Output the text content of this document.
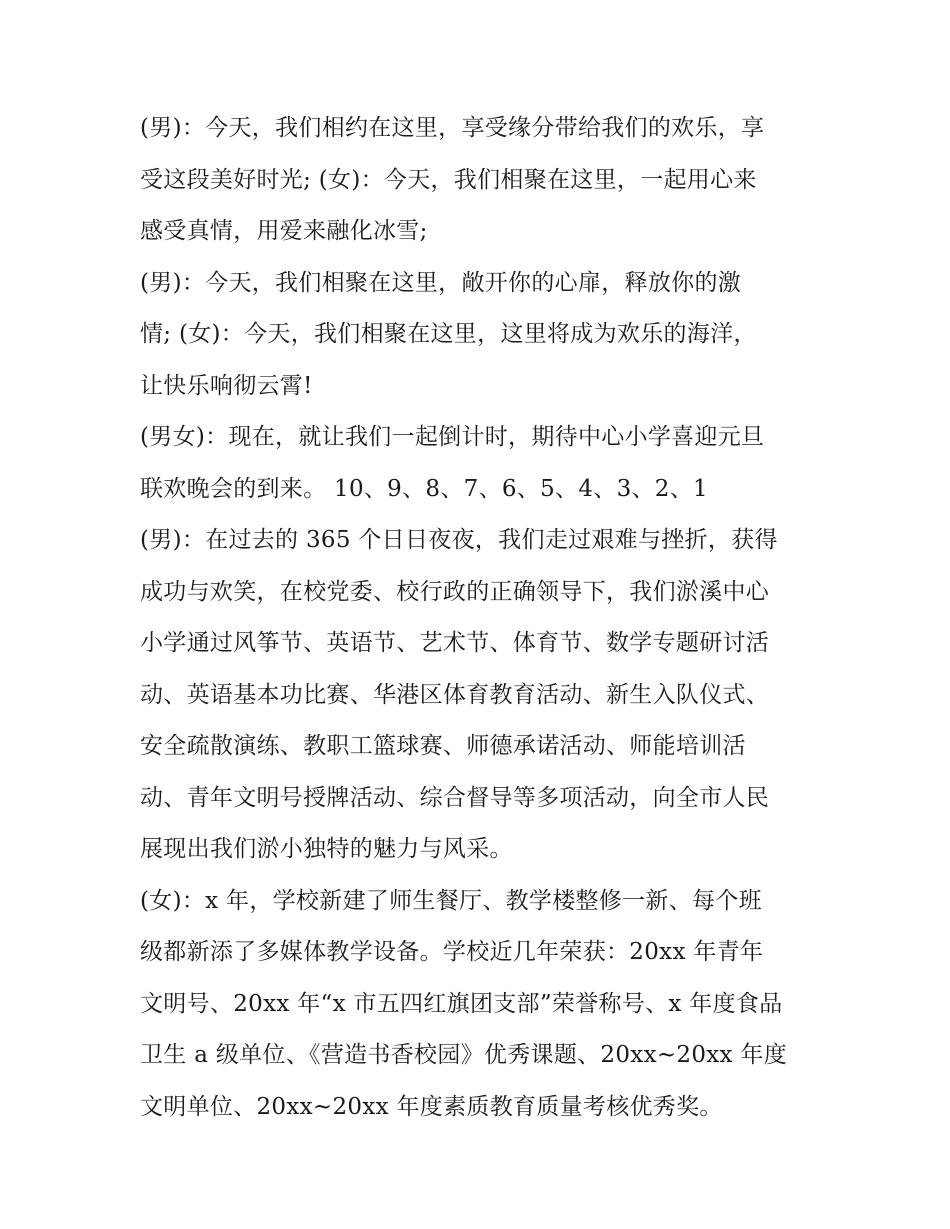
(男)：今天，我们相约在这里，享受缘分带给我们的欢乐，享
受这段美好时光; (女)：今天，我们相聚在这里，一起用心来
感受真情，用爱来融化冰雪;
(男)：今天，我们相聚在这里，敞开你的心扉，释放你的激
情; (女)：今天，我们相聚在这里，这里将成为欢乐的海洋，
让快乐响彻云霄!
(男女)：现在，就让我们一起倒计时，期待中心小学喜迎元旦
联欢晚会的到来。 10、9、8、7、6、5、4、3、2、1
(男)：在过去的 365 个日日夜夜，我们走过艰难与挫折，获得
成功与欢笑，在校党委、校行政的正确领导下，我们淤溪中心
小学通过风筝节、英语节、艺术节、体育节、数学专题研讨活
动、英语基本功比赛、华港区体育教育活动、新生入队仪式、
安全疏散演练、教职工篮球赛、师德承诺活动、师能培训活
动、青年文明号授牌活动、综合督导等多项活动，向全市人民
展现出我们淤小独特的魅力与风采。
(女)：x 年，学校新建了师生餐厅、教学楼整修一新、每个班
级都新添了多媒体教学设备。学校近几年荣获：20xx 年青年
文明号、20xx 年“x 市五四红旗团支部”荣誉称号、x 年度食品
卫生 a 级单位、《营造书香校园》优秀课题、20xx~20xx 年度
文明单位、20xx~20xx 年度素质教育质量考核优秀奖。
